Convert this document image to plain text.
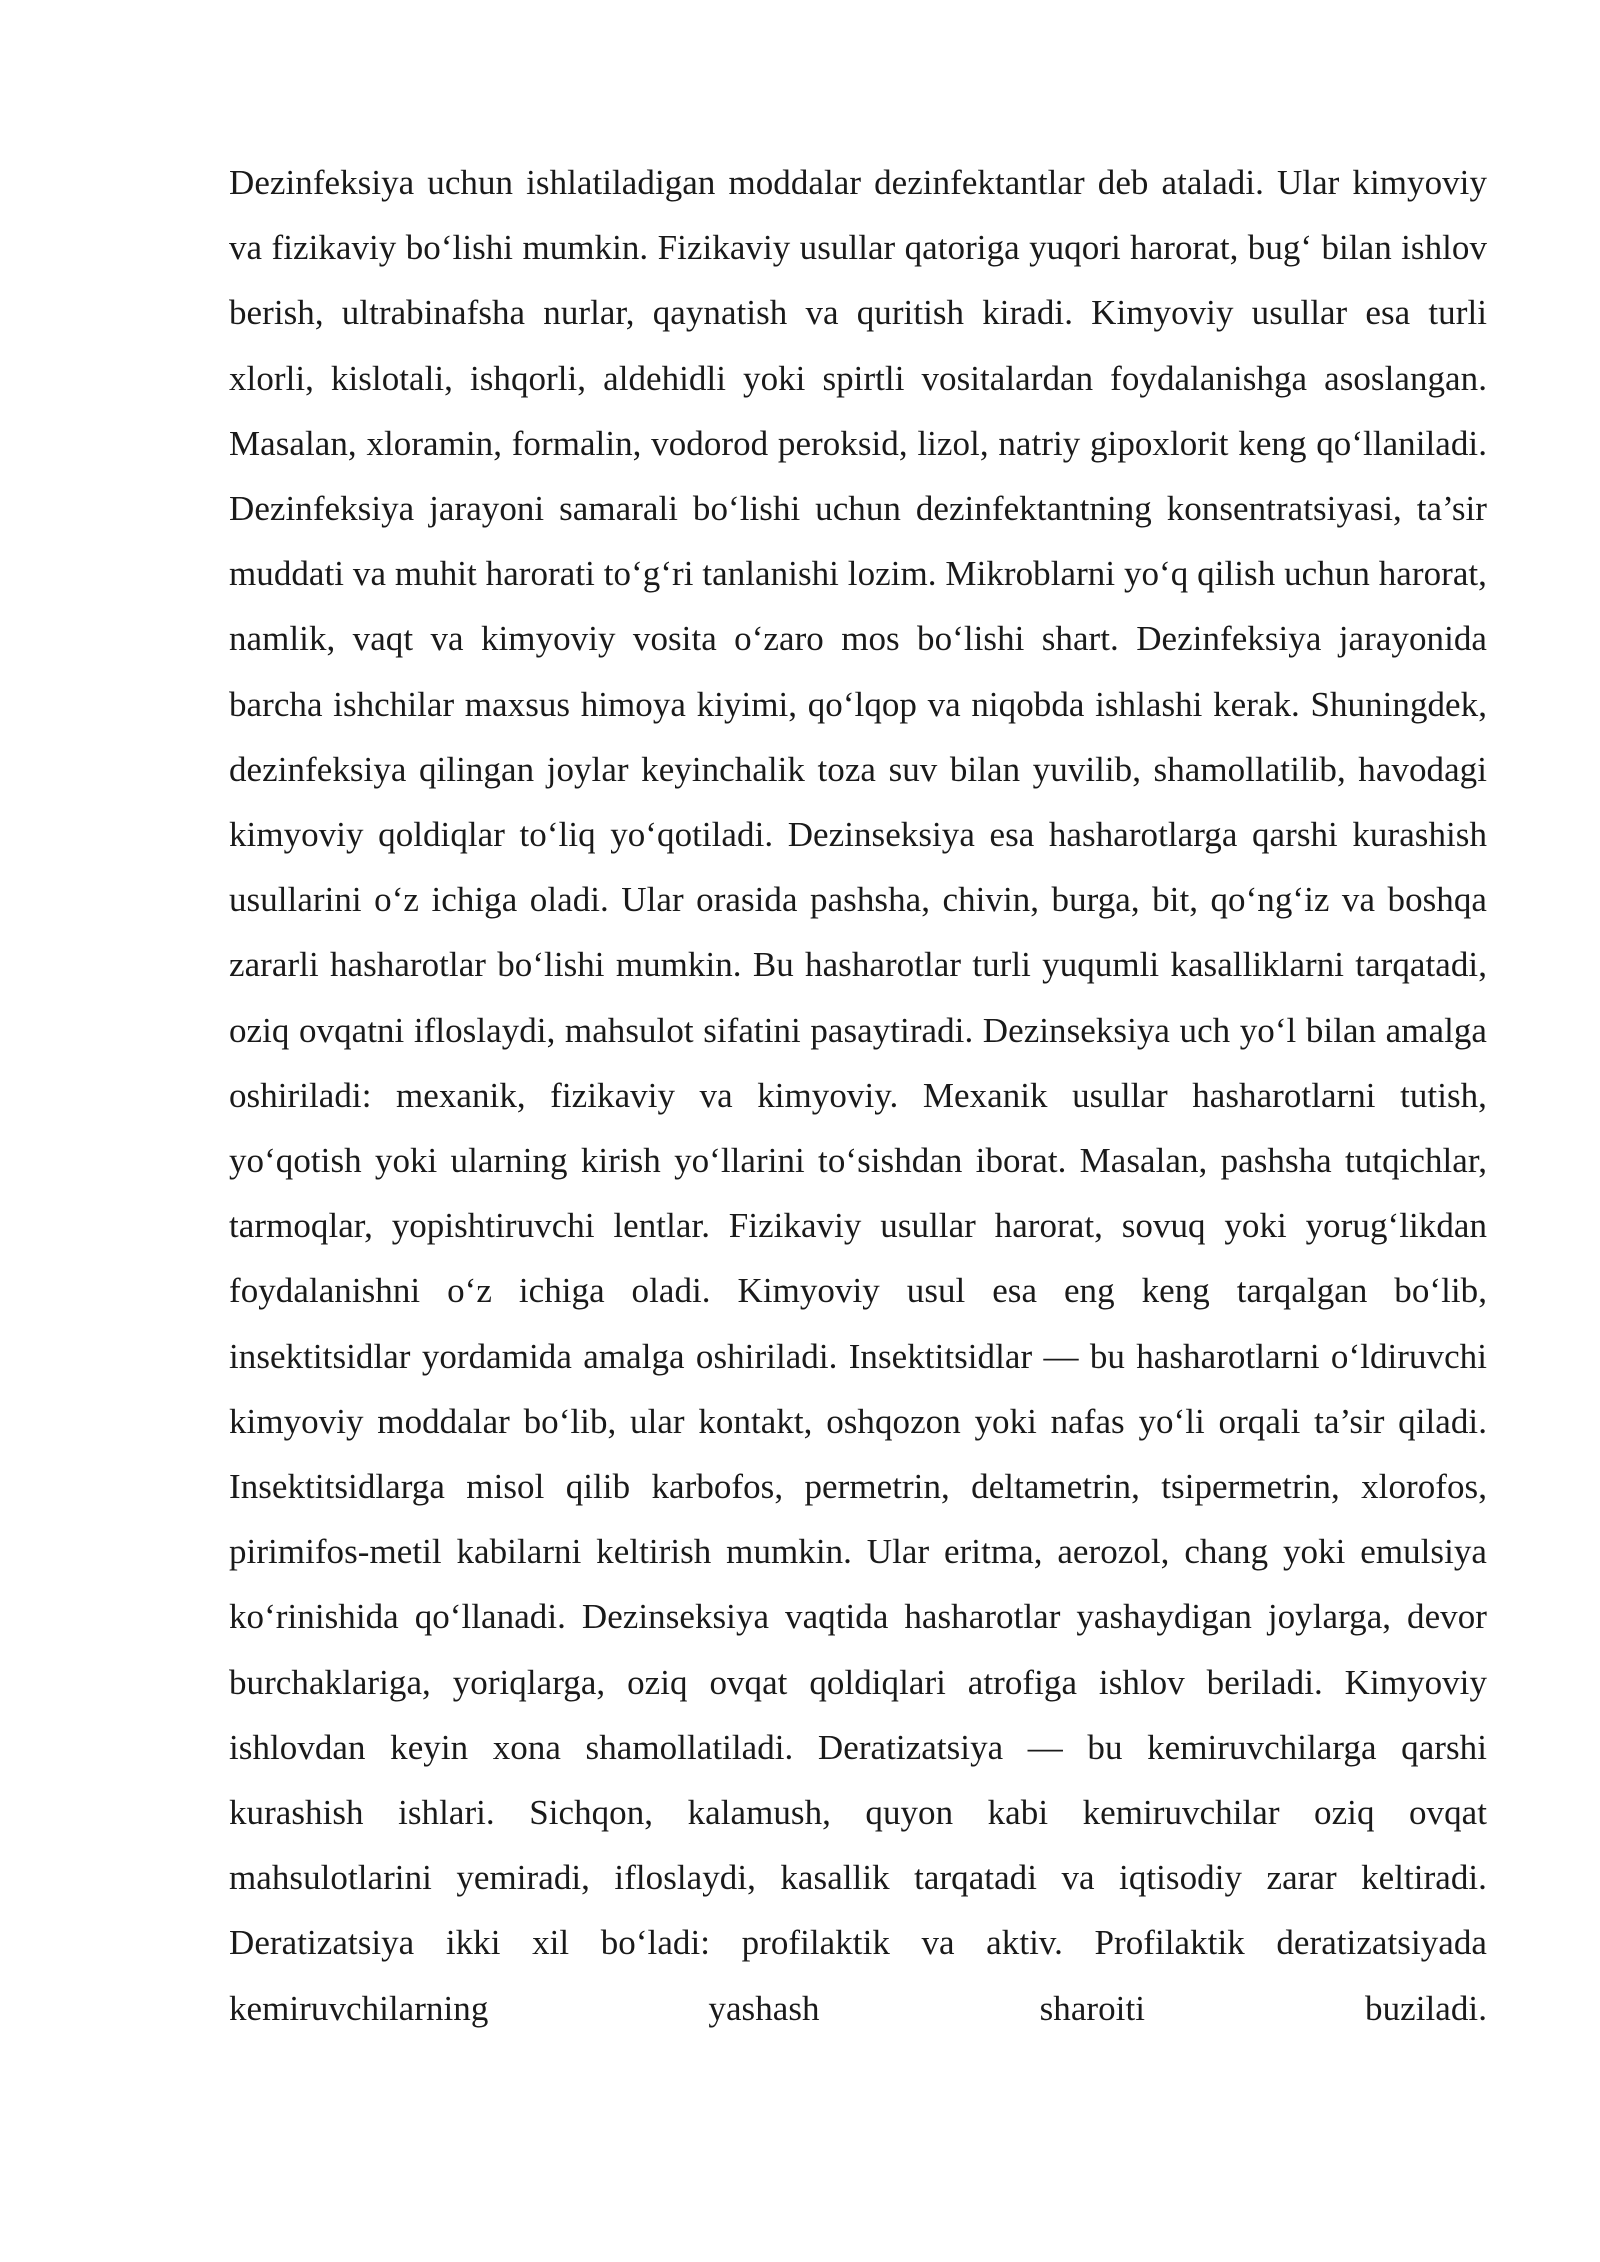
Dezinfeksiya uchun ishlatiladigan moddalar dezinfektantlar deb ataladi. Ular kimyoviy va fizikaviy bo‘lishi mumkin. Fizikaviy usullar qatoriga yuqori harorat, bug‘ bilan ishlov berish, ultrabinafsha nurlar, qaynatish va quritish kiradi. Kimyoviy usullar esa turli xlorli, kislotali, ishqorli, aldehidli yoki spirtli vositalardan foydalanishga asoslangan. Masalan, xloramin, formalin, vodorod peroksid, lizol, natriy gipoxlorit keng qo‘llaniladi. Dezinfeksiya jarayoni samarali bo‘lishi uchun dezinfektantning konsentratsiyasi, ta’sir muddati va muhit harorati to‘g‘ri tanlanishi lozim. Mikroblarni yo‘q qilish uchun harorat, namlik, vaqt va kimyoviy vosita o‘zaro mos bo‘lishi shart. Dezinfeksiya jarayonida barcha ishchilar maxsus himoya kiyimi, qo‘lqop va niqobda ishlashi kerak. Shuningdek, dezinfeksiya qilingan joylar keyinchalik toza suv bilan yuvilib, shamollatilib, havodagi kimyoviy qoldiqlar to‘liq yo‘qotiladi. Dezinseksiya esa hasharotlarga qarshi kurashish usullarini o‘z ichiga oladi. Ular orasida pashsha, chivin, burga, bit, qo‘ng‘iz va boshqa zararli hasharotlar bo‘lishi mumkin. Bu hasharotlar turli yuqumli kasalliklarni tarqatadi, oziq ovqatni ifloslaydi, mahsulot sifatini pasaytiradi. Dezinseksiya uch yo‘l bilan amalga oshiriladi: mexanik, fizikaviy va kimyoviy. Mexanik usullar hasharotlarni tutish, yo‘qotish yoki ularning kirish yo‘llarini to‘sishdan iborat. Masalan, pashsha tutqichlar, tarmoqlar, yopishtiruvchi lentlar. Fizikaviy usullar harorat, sovuq yoki yorug‘likdan foydalanishni o‘z ichiga oladi. Kimyoviy usul esa eng keng tarqalgan bo‘lib, insektitsidlar yordamida amalga oshiriladi. Insektitsidlar — bu hasharotlarni o‘ldiruvchi kimyoviy moddalar bo‘lib, ular kontakt, oshqozon yoki nafas yo‘li orqali ta’sir qiladi. Insektitsidlarga misol qilib karbofos, permetrin, deltametrin, tsipermetrin, xlorofos, pirimifos-metil kabilarni keltirish mumkin. Ular eritma, aerozol, chang yoki emulsiya ko‘rinishida qo‘llanadi. Dezinseksiya vaqtida hasharotlar yashaydigan joylarga, devor burchaklariga, yoriqlarga, oziq ovqat qoldiqlari atrofiga ishlov beriladi. Kimyoviy ishlovdan keyin xona shamollatiladi. Deratizatsiya — bu kemiruvchilarga qarshi kurashish ishlari. Sichqon, kalamush, quyon kabi kemiruvchilar oziq ovqat mahsulotlarini yemiradi, ifloslaydi, kasallik tarqatadi va iqtisodiy zarar keltiradi. Deratizatsiya ikki xil bo‘ladi: profilaktik va aktiv. Profilaktik deratizatsiyada kemiruvchilarning yashash sharoiti buziladi.
